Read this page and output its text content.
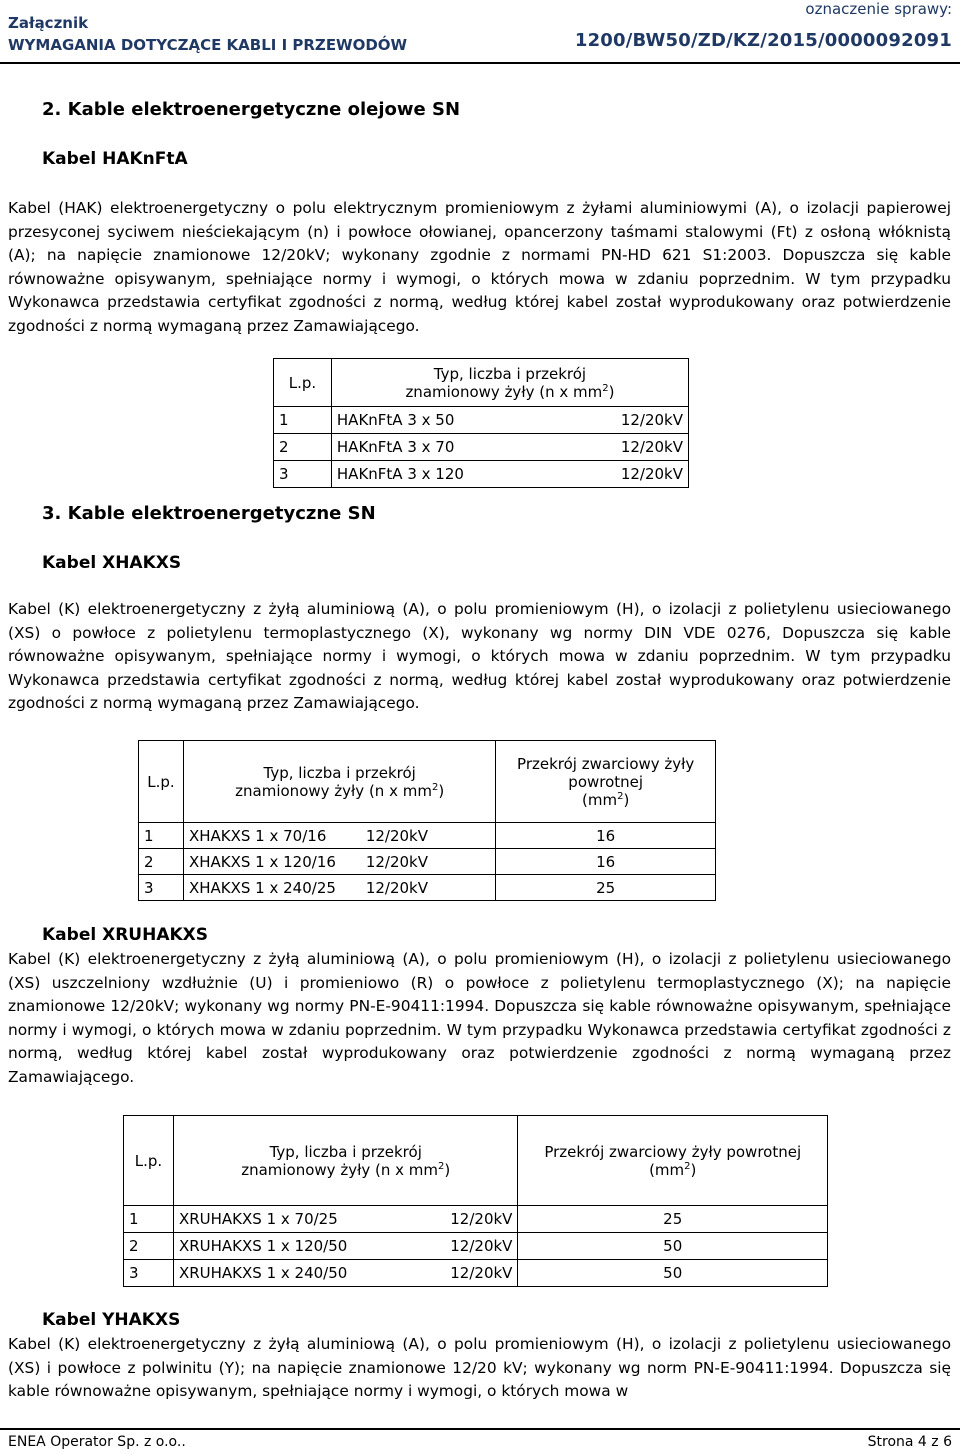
Załącznik
WYMAGANIA DOTYCZĄCE KABLI I PRZEWODÓW
oznaczenie sprawy:
1200/BW50/ZD/KZ/2015/0000092091
2. Kable elektroenergetyczne olejowe SN
Kabel HAKnFtA

Kabel (HAK) elektroenergetyczny o polu elektrycznym promieniowym z żyłami aluminiowymi (A), o izolacji papierowej przesyconej syciwem nieściekającym (n) i powłoce ołowianej, opancerzony taśmami stalowymi (Ft) z osłoną włóknistą (A); na napięcie znamionowe 12/20kV; wykonany zgodnie z normami PN-HD 621 S1:2003. Dopuszcza się kable równoważne opisywanym, spełniające normy i wymogi, o których mowa w zdaniu poprzednim. W tym przypadku Wykonawca przedstawia certyfikat zgodności z normą, według której kabel został wyprodukowany oraz potwierdzenie zgodności z normą wymaganą przez Zamawiającego.

L.p.	Typ, liczba i przekrój
znamionowy żyły (n x $mm^2$)	
1	HAKnFtA 3 x 50	12/20kV
2	HAKnFtA 3 x 70	12/20kV
3	HAKnFtA 3 x 120	12/20kV
3. Kable elektroenergetyczne SN
Kabel XHAKXS

Kabel (K) elektroenergetyczny z żyłą aluminiową (A), o polu promieniowym (H), o izolacji z polietylenu usieciowanego (XS) o powłoce z polietylenu termoplastycznego (X), wykonany wg normy DIN VDE 0276, Dopuszcza się kable równoważne opisywanym, spełniające normy i wymogi, o których mowa w zdaniu poprzednim. W tym przypadku Wykonawca przedstawia certyfikat zgodności z normą, według której kabel został wyprodukowany oraz potwierdzenie zgodności z normą wymaganą przez Zamawiającego.

L.p.	Typ, liczba i przekrój
znamionowy żyły (n x $mm^2$)		Przekrój zwarciowy żyły powrotnej
$(mm^2)$
1	XHAKXS 1 x 70/16 12/20kV		16
2	XHAKXS 1 x 120/16 12/20kV		16
3	XHAKXS 1 x 240/25 12/20kV		25
Kabel XRUHAKXS

Kabel (K) elektroenergetyczny z żyłą aluminiową (A), o polu promieniowym (H), o izolacji z polietylenu usieciowanego (XS) uszczelniony wzdłużnie (U) i promieniowo (R) o powłoce z polietylenu termoplastycznego (X); na napięcie znamionowe 12/20kV; wykonany wg normy PN-E-90411:1994. Dopuszcza się kable równoważne opisywanym, spełniające normy i wymogi, o których mowa w zdaniu poprzednim. W tym przypadku Wykonawca przedstawia certyfikat zgodności z normą, według której kabel został wyprodukowany oraz potwierdzenie zgodności z normą wymaganą przez Zamawiającego.

L.p.	Typ, liczba i przekrój
znamionowy żyły (n x $mm^2$)	Przekrój zwarciowy żyły powrotnej
$(mm^2)$
1	XRUHAKXS 1 x 70/25 12/20kV	25
2	XRUHAKXS 1 x 120/50 12/20kV	50
3	XRUHAKXS 1 x 240/50 12/20kV	50
Kabel YHAKXS

Kabel (K) elektroenergetyczny z żyłą aluminiową (A), o polu promieniowym (H), o izolacji z polietylenu usieciowanego (XS) i powłoce z polwinitu (Y); na napięcie znamionowe 12/20 kV; wykonany wg norm PN-E-90411:1994. Dopuszcza się kable równoważne opisywanym, spełniające normy i wymogi, o których mowa w

ENEA Operator Sp. z o.o..	Strona 4 z 6
